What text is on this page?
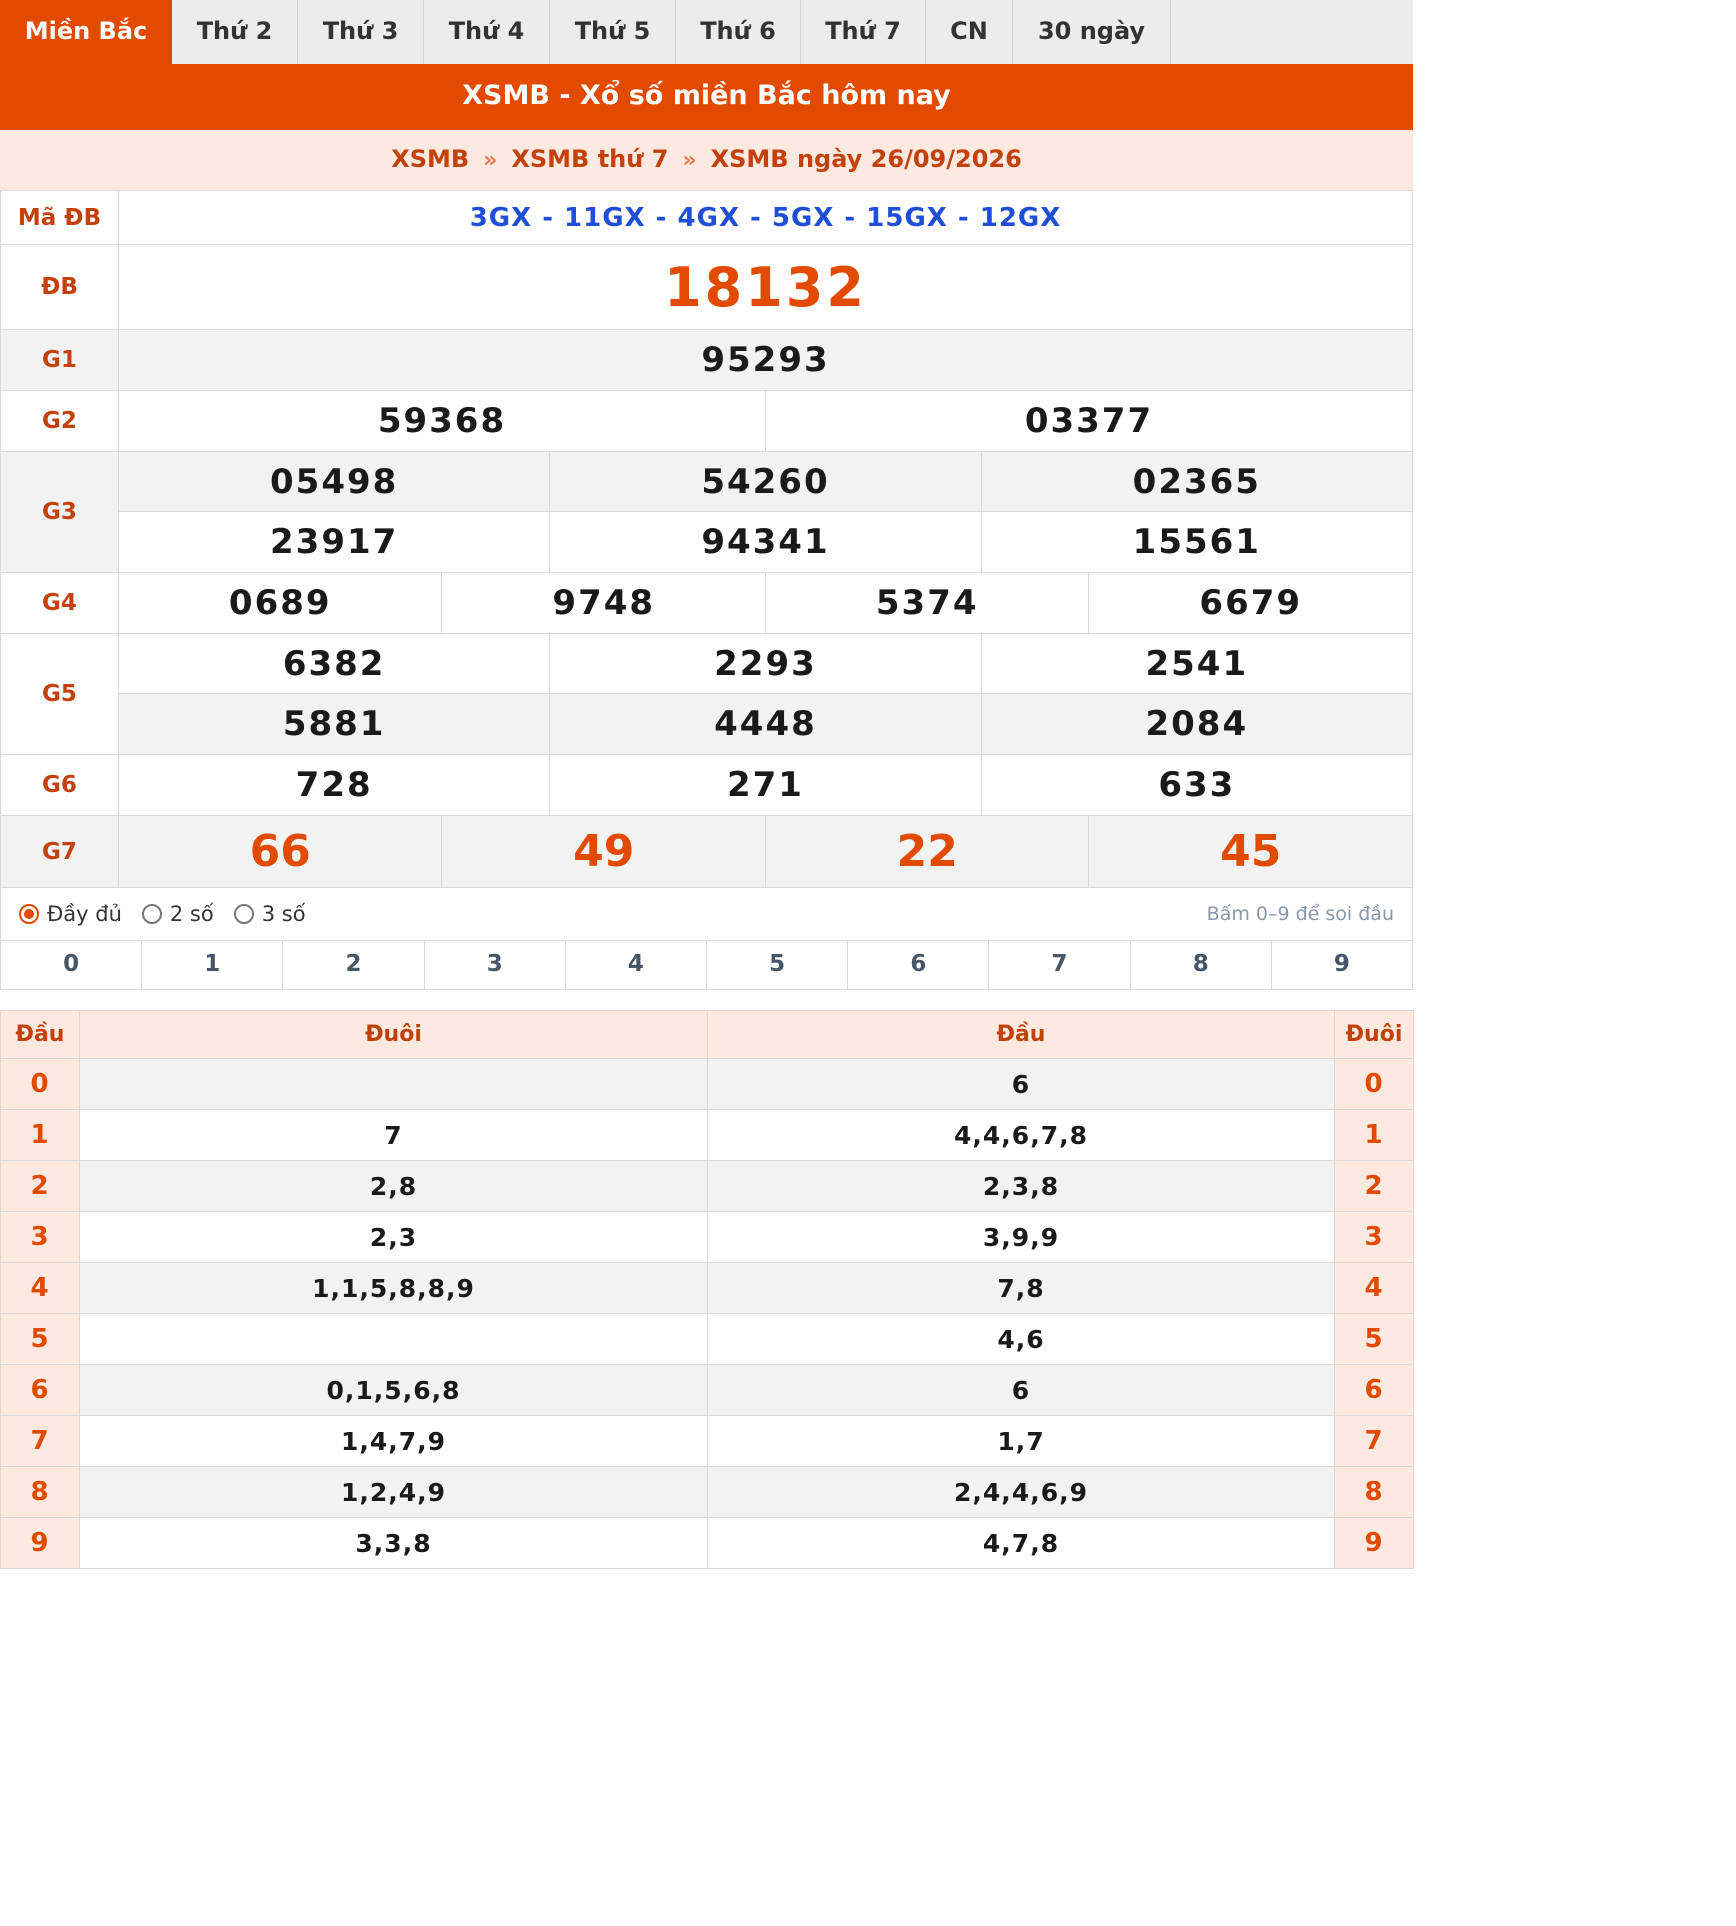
Miền Bắc	Thứ 2	Thứ 3	Thứ 4	Thứ 5	Thứ 6	Thứ 7	CN	30 ngày
XSMB - Xổ số miền Bắc hôm nay
XSMB » XSMB thứ 7 » XSMB ngày 26/09/2026
Mã ĐB	3GX - 11GX - 4GX - 5GX - 15GX - 12GX					
ĐB	18132					
G1	95293					
G2	59368			03377		
G3	05498		54260		02365	
	23917		94341		15561	
G4	0689	9748		5374		6679
G5	6382		2293		2541	
	5881		4448		2084	
G6	728		271		633	
G7	66	49		22		45
Đầy đủ 2 số 3 số	Bấm 0–9 để soi đầu
0	1	2	3	4	5	6	7	8	9
Đầu	Đuôi	Đầu	Đuôi
0		6	0
1	7	4,4,6,7,8	1
2	2,8	2,3,8	2
3	2,3	3,9,9	3
4	1,1,5,8,8,9	7,8	4
5		4,6	5
6	0,1,5,6,8	6	6
7	1,4,7,9	1,7	7
8	1,2,4,9	2,4,4,6,9	8
9	3,3,8	4,7,8	9
